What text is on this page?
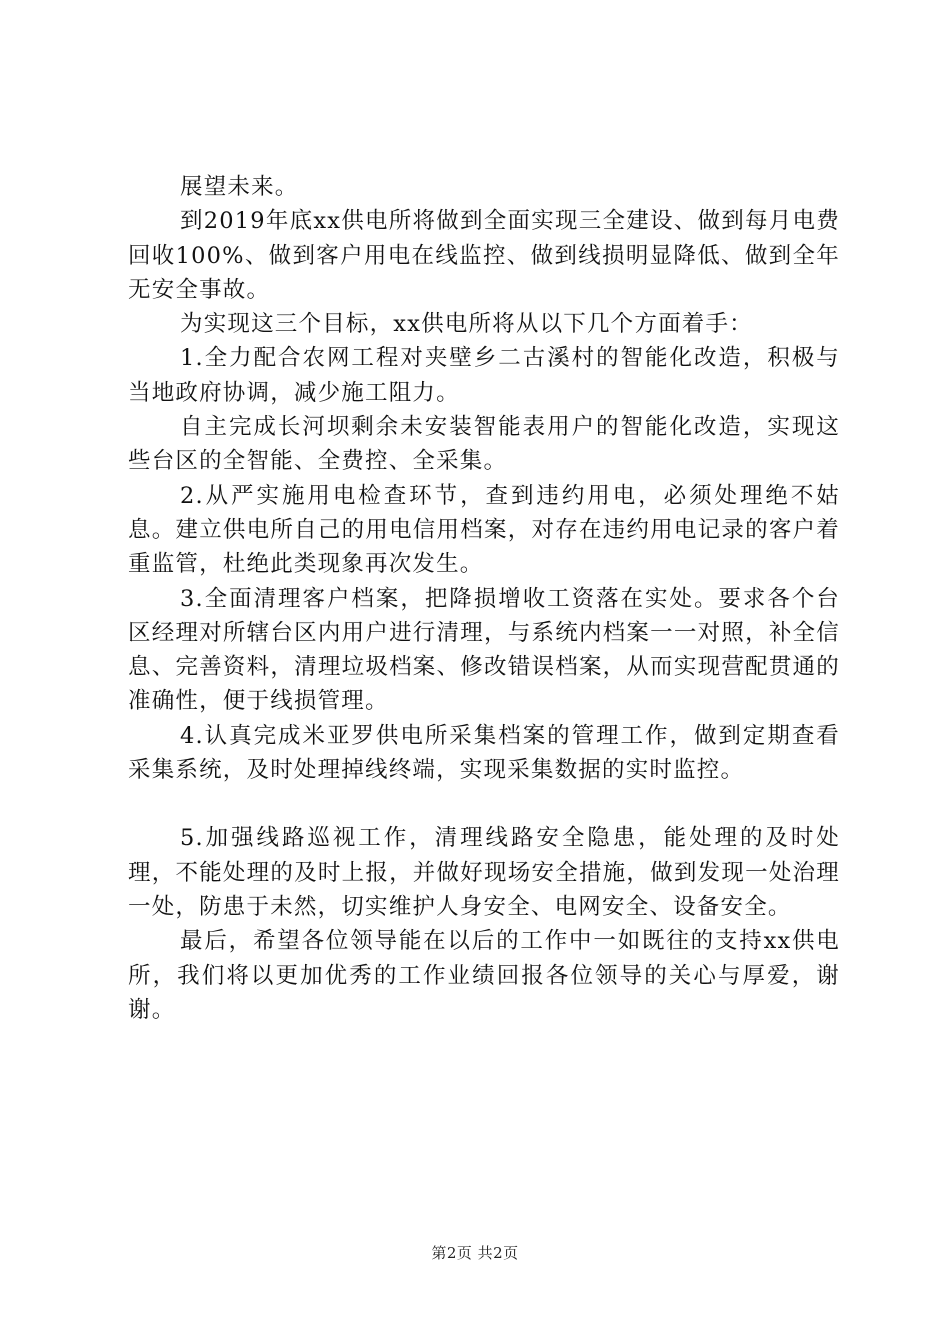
展望未来。

到2019年底xx供电所将做到全面实现三全建设、做到每月电费回收100%、做到客户用电在线监控、做到线损明显降低、做到全年无安全事故。

为实现这三个目标，xx供电所将从以下几个方面着手：

1.全力配合农网工程对夹壁乡二古溪村的智能化改造，积极与当地政府协调，减少施工阻力。

自主完成长河坝剩余未安装智能表用户的智能化改造，实现这些台区的全智能、全费控、全采集。

2.从严实施用电检查环节，查到违约用电，必须处理绝不姑息。建立供电所自己的用电信用档案，对存在违约用电记录的客户着重监管，杜绝此类现象再次发生。

3.全面清理客户档案，把降损增收工资落在实处。要求各个台区经理对所辖台区内用户进行清理，与系统内档案一一对照，补全信息、完善资料，清理垃圾档案、修改错误档案，从而实现营配贯通的准确性，便于线损管理。

4.认真完成米亚罗供电所采集档案的管理工作，做到定期查看采集系统，及时处理掉线终端，实现采集数据的实时监控。

5.加强线路巡视工作，清理线路安全隐患，能处理的及时处理，不能处理的及时上报，并做好现场安全措施，做到发现一处治理一处，防患于未然，切实维护人身安全、电网安全、设备安全。

最后，希望各位领导能在以后的工作中一如既往的支持xx供电所，我们将以更加优秀的工作业绩回报各位领导的关心与厚爱，谢谢。

第2页 共2页
